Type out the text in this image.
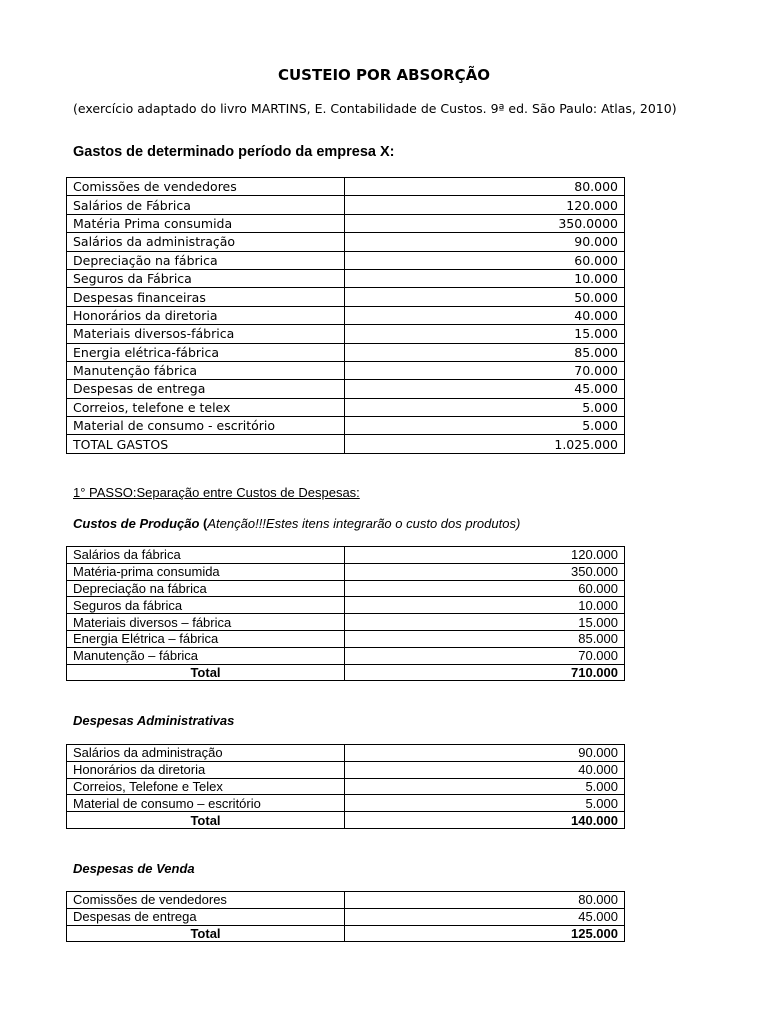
CUSTEIO POR ABSORÇÃO
(exercício adaptado do livro MARTINS, E. Contabilidade de Custos. 9ª ed. São Paulo: Atlas, 2010)
Gastos de determinado período da empresa X:
Comissões de vendedores	80.000
Salários de Fábrica	120.000
Matéria Prima consumida	350.0000
Salários da administração	90.000
Depreciação na fábrica	60.000
Seguros da Fábrica	10.000
Despesas financeiras	50.000
Honorários da diretoria	40.000
Materiais diversos-fábrica	15.000
Energia elétrica-fábrica	85.000
Manutenção fábrica	70.000
Despesas de entrega	45.000
Correios, telefone e telex	5.000
Material de consumo - escritório	5.000
TOTAL GASTOS	1.025.000
1° PASSO:Separação entre Custos de Despesas:
Custos de Produção (Atenção!!!Estes itens integrarão o custo dos produtos)
Salários da fábrica	120.000
Matéria-prima consumida	350.000
Depreciação na fábrica	60.000
Seguros da fábrica	10.000
Materiais diversos – fábrica	15.000
Energia Elétrica – fábrica	85.000
Manutenção – fábrica	70.000
Total	710.000
Despesas Administrativas
Salários da administração	90.000
Honorários da diretoria	40.000
Correios, Telefone e Telex	5.000
Material de consumo – escritório	5.000
Total	140.000
Despesas de Venda
Comissões de vendedores	80.000
Despesas de entrega	45.000
Total	125.000
